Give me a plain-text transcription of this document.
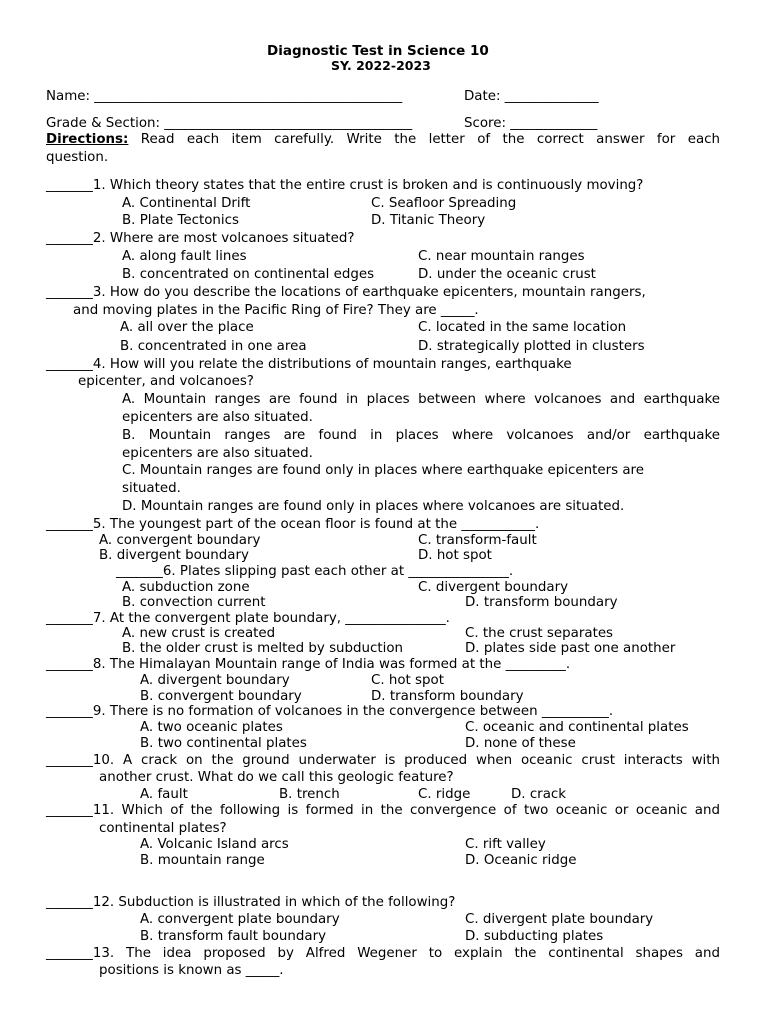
Diagnostic Test in Science 10
SY. 2022-2023
Name: ______________________________________________	Date: ______________
Grade & Section: _____________________________________	Score: _____________
Directions: Read each item carefully. Write the letter of the correct answer for each
question.
_______1. Which theory states that the entire crust is broken and is continuously moving?
A. Continental Drift	C. Seafloor Spreading
B. Plate Tectonics	D. Titanic Theory
_______2. Where are most volcanoes situated?
A. along fault lines	C. near mountain ranges
B. concentrated on continental edges	D. under the oceanic crust
_______3. How do you describe the locations of earthquake epicenters, mountain rangers,
and moving plates in the Pacific Ring of Fire? They are _____.
A. all over the place	C. located in the same location
B. concentrated in one area	D. strategically plotted in clusters
_______4. How will you relate the distributions of mountain ranges, earthquake
epicenter, and volcanoes?
A. Mountain ranges are found in places between where volcanoes and earthquake
epicenters are also situated.
B. Mountain ranges are found in places where volcanoes and/or earthquake
epicenters are also situated.
C. Mountain ranges are found only in places where earthquake epicenters are
situated.
D. Mountain ranges are found only in places where volcanoes are situated.
_______5. The youngest part of the ocean floor is found at the ___________.
A. convergent boundary	C. transform-fault
B. divergent boundary	D. hot spot
_______6. Plates slipping past each other at _______________.
A. subduction zone	C. divergent boundary
B. convection current	D. transform boundary
_______7. At the convergent plate boundary, _______________.
A. new crust is created	C. the crust separates
B. the older crust is melted by subduction	D. plates side past one another
_______8. The Himalayan Mountain range of India was formed at the _________.
A. divergent boundary	C. hot spot
B. convergent boundary	D. transform boundary
_______9. There is no formation of volcanoes in the convergence between __________.
A. two oceanic plates	C. oceanic and continental plates
B. two continental plates	D. none of these
_______10. A crack on the ground underwater is produced when oceanic crust interacts with
another crust. What do we call this geologic feature?
A. fault	B. trench	C. ridge	D. crack
_______11. Which of the following is formed in the convergence of two oceanic or oceanic and
continental plates?
A. Volcanic Island arcs	C. rift valley
B. mountain range	D. Oceanic ridge
_______12. Subduction is illustrated in which of the following?
A. convergent plate boundary	C. divergent plate boundary
B. transform fault boundary	D. subducting plates
_______13. The idea proposed by Alfred Wegener to explain the continental shapes and
positions is known as _____.
